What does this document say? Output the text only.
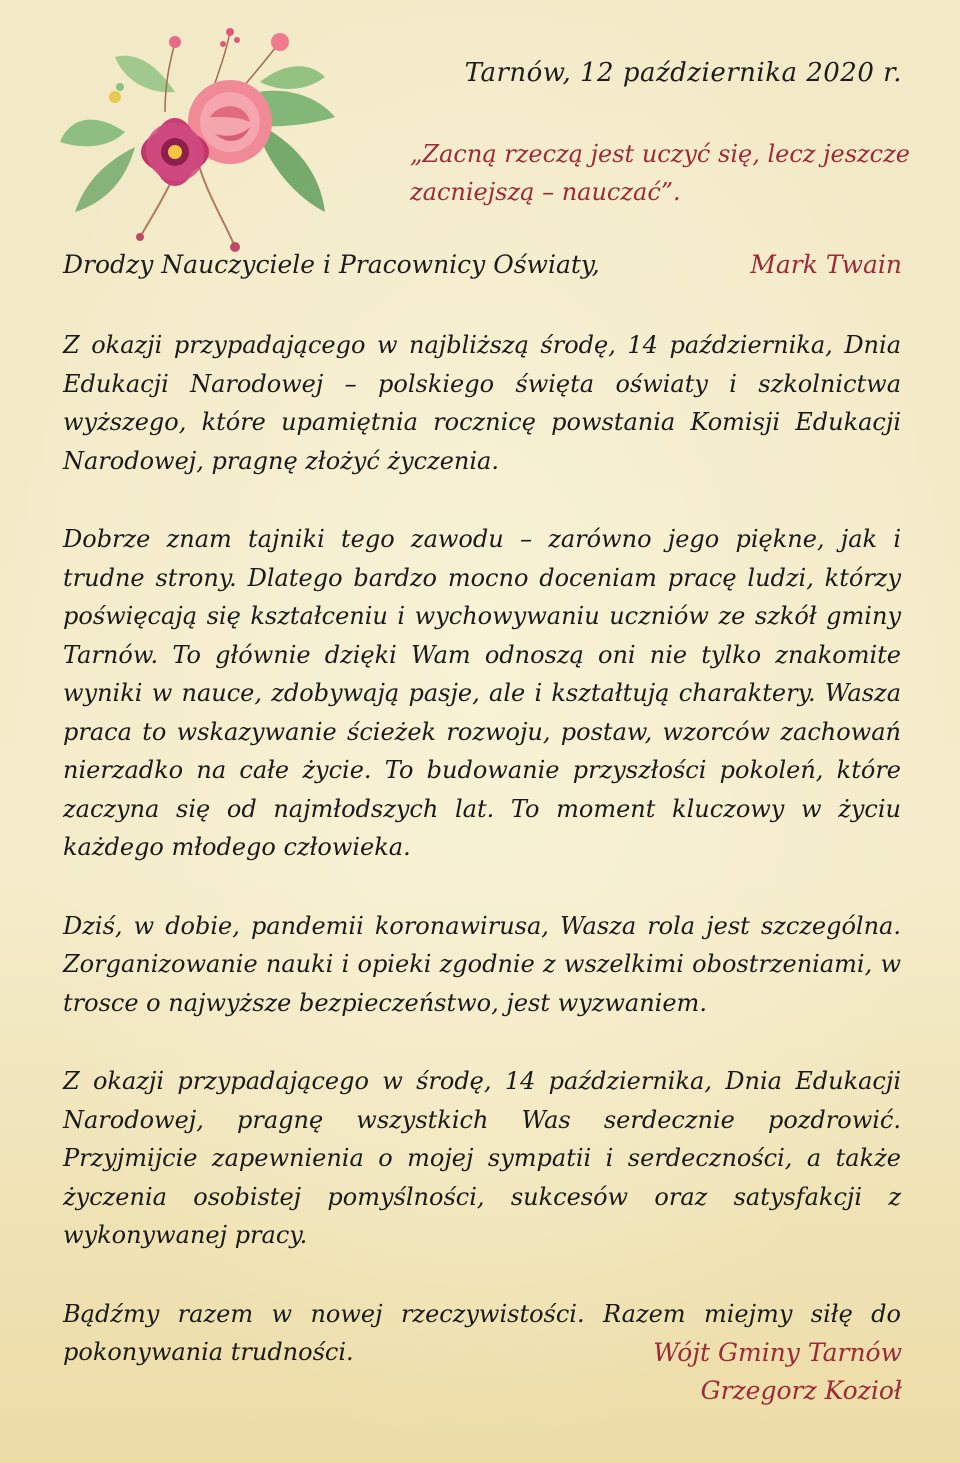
Tarnów, 12 października 2020 r.
„Zacną rzeczą jest uczyć się, lecz jeszcze zacniejszą – nauczać”.
Drodzy Nauczyciele i Pracownicy Oświaty,	Mark Twain

Z okazji przypadającego w najbliższą środę, 14 października, Dnia Edukacji Narodowej – polskiego święta oświaty i szkolnictwa wyższego, które upamiętnia rocznicę powstania Komisji Edukacji Narodowej, pragnę złożyć życzenia.

Dobrze znam tajniki tego zawodu – zarówno jego piękne, jak i trudne strony. Dlatego bardzo mocno doceniam pracę ludzi, którzy poświęcają się kształceniu i wychowywaniu uczniów ze szkół gminy Tarnów. To głównie dzięki Wam odnoszą oni nie tylko znakomite wyniki w nauce, zdobywają pasje, ale i kształtują charaktery. Wasza praca to wskazywanie ścieżek rozwoju, postaw, wzorców zachowań nierzadko na całe życie. To budowanie przyszłości pokoleń, które zaczyna się od najmłodszych lat. To moment kluczowy w życiu każdego młodego człowieka.

Dziś, w dobie, pandemii koronawirusa, Wasza rola jest szczególna. Zorganizowanie nauki i opieki zgodnie z wszelkimi obostrzeniami, w trosce o najwyższe bezpieczeństwo, jest wyzwaniem.

Z okazji przypadającego w środę, 14 października, Dnia Edukacji Narodowej, pragnę wszystkich Was serdecznie pozdrowić. Przyjmijcie zapewnienia o mojej sympatii i serdeczności, a także życzenia osobistej pomyślności, sukcesów oraz satysfakcji z wykonywanej pracy.

Bądźmy razem w nowej rzeczywistości. Razem miejmy siłę do pokonywania trudności.	Wójt Gminy Tarnów
Grzegorz Kozioł
